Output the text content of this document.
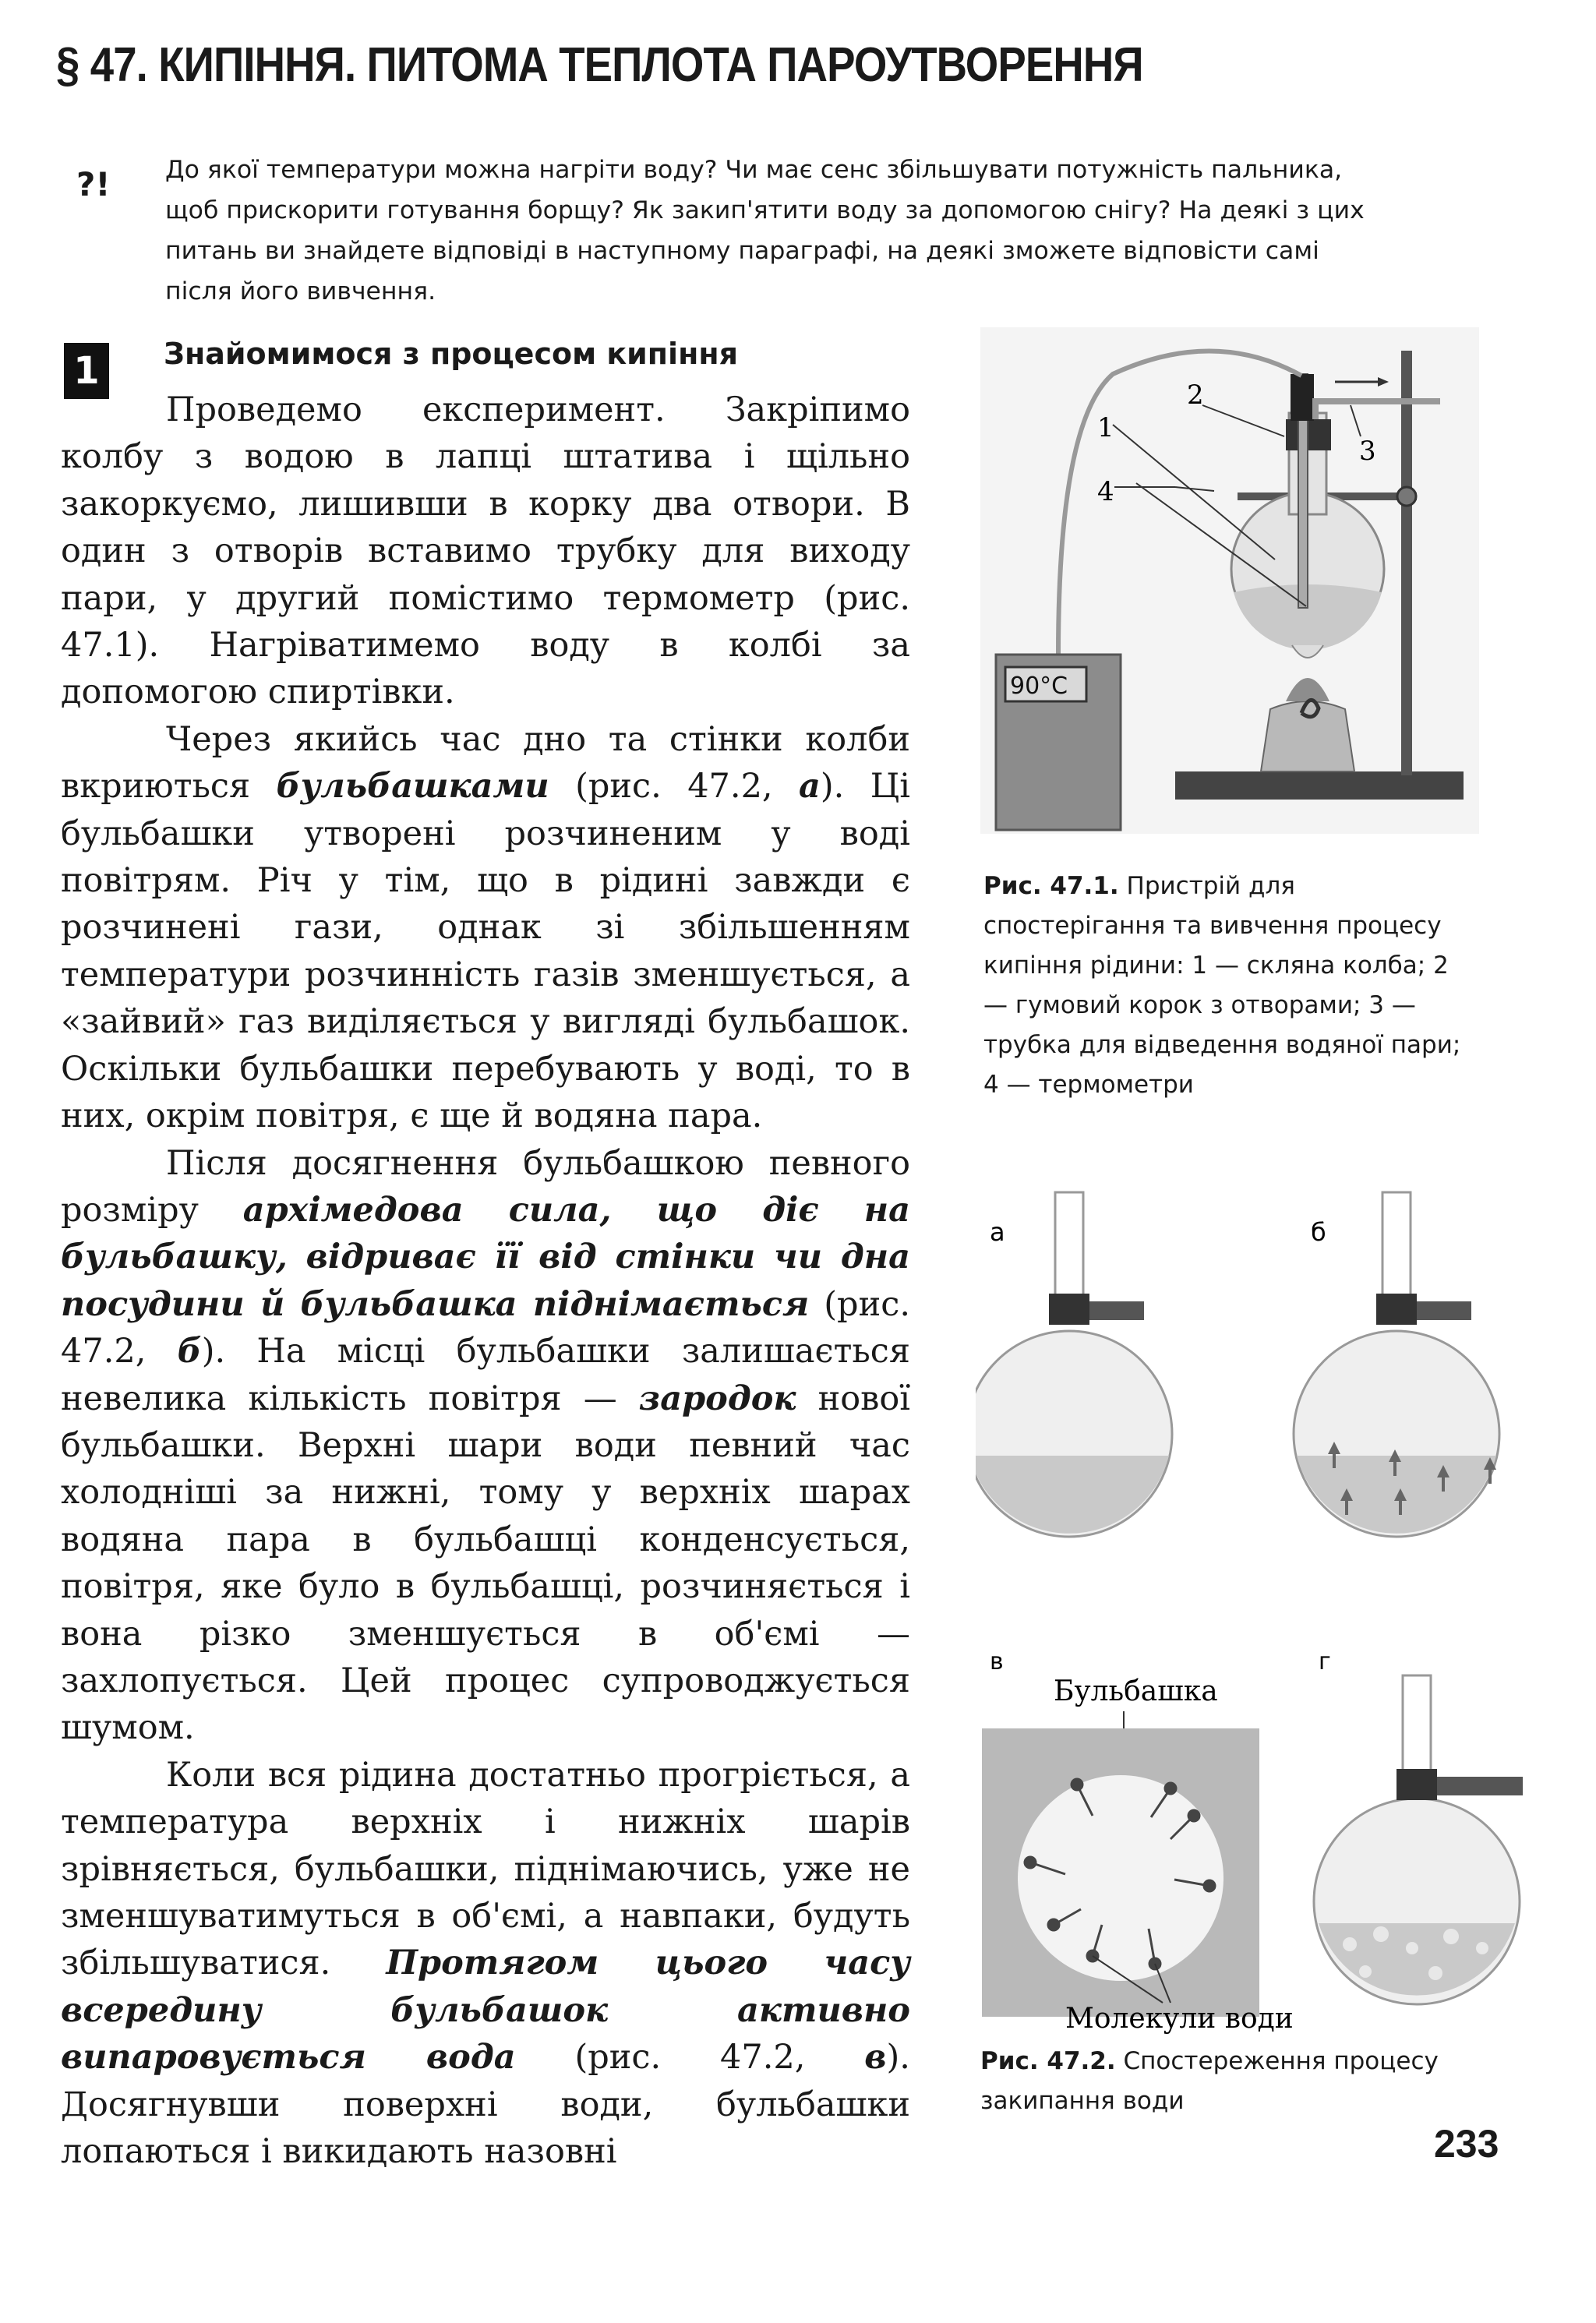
§ 47. КИПІННЯ. ПИТОМА ТЕПЛОТА ПАРОУТВОРЕННЯ
?! До якої температури можна нагріти воду? Чи має сенс збільшувати потужність пальника, щоб прискорити готування борщу? Як закип'ятити воду за допомогою снігу? На деякі з цих питань ви знайдете відповіді в наступному параграфі, на деякі зможете відповісти самі після його вивчення.

1	Знайомимося з процесом кипіння

Проведемо експеримент. Закріпимо колбу з водою в лапці штатива і щільно закоркуємо, лишивши в корку два отвори. В один з отворів вставимо трубку для виходу пари, у другий помістимо термометр (рис. 47.1). Нагріватимемо воду в колбі за допомогою спиртівки.

Через якийсь час дно та стінки колби вкриються бульбашками (рис. 47.2, а). Ці бульбашки утворені розчиненим у воді повітрям. Річ у тім, що в рідині завжди є розчинені гази, однак зі збільшенням температури розчинність газів зменшується, а «зайвий» газ виділяється у вигляді бульбашок. Оскільки бульбашки перебувають у воді, то в них, окрім повітря, є ще й водяна пара.

Після досягнення бульбашкою певного розміру архімедова сила, що діє на бульбашку, відриває її від стінки чи дна посудини й бульбашка піднімається (рис. 47.2, б). На місці бульбашки залишається невелика кількість повітря — зародок нової бульбашки. Верхні шари води певний час холодніші за нижні, тому у верхніх шарах водяна пара в бульбашці конденсується, повітря, яке було в бульбашці, розчиняється і вона різко зменшується в об'ємі — захлопується. Цей процес супроводжується шумом.

Коли вся рідина достатньо прогріється, а температура верхніх і нижніх шарів зрівняється, бульбашки, піднімаючись, уже не зменшуватимуться в об'ємі, а навпаки, будуть збільшуватися. Протягом цього часу всередину бульбашок активно випаровується вода (рис. 47.2, в). Досягнувши поверхні води, бульбашки лопаються і викидають назовні

90°C
1
2
3
4

Рис. 47.1. Пристрій для спостерігання та вивчення процесу кипіння рідини: 1 — скляна колба; 2 — гумовий корок з отворами; 3 — трубка для відведення водяної пари; 4 — термометри

а	б
в
Бульбашка
Молекули води
г

Рис. 47.2. Спостереження процесу закипання води

233
